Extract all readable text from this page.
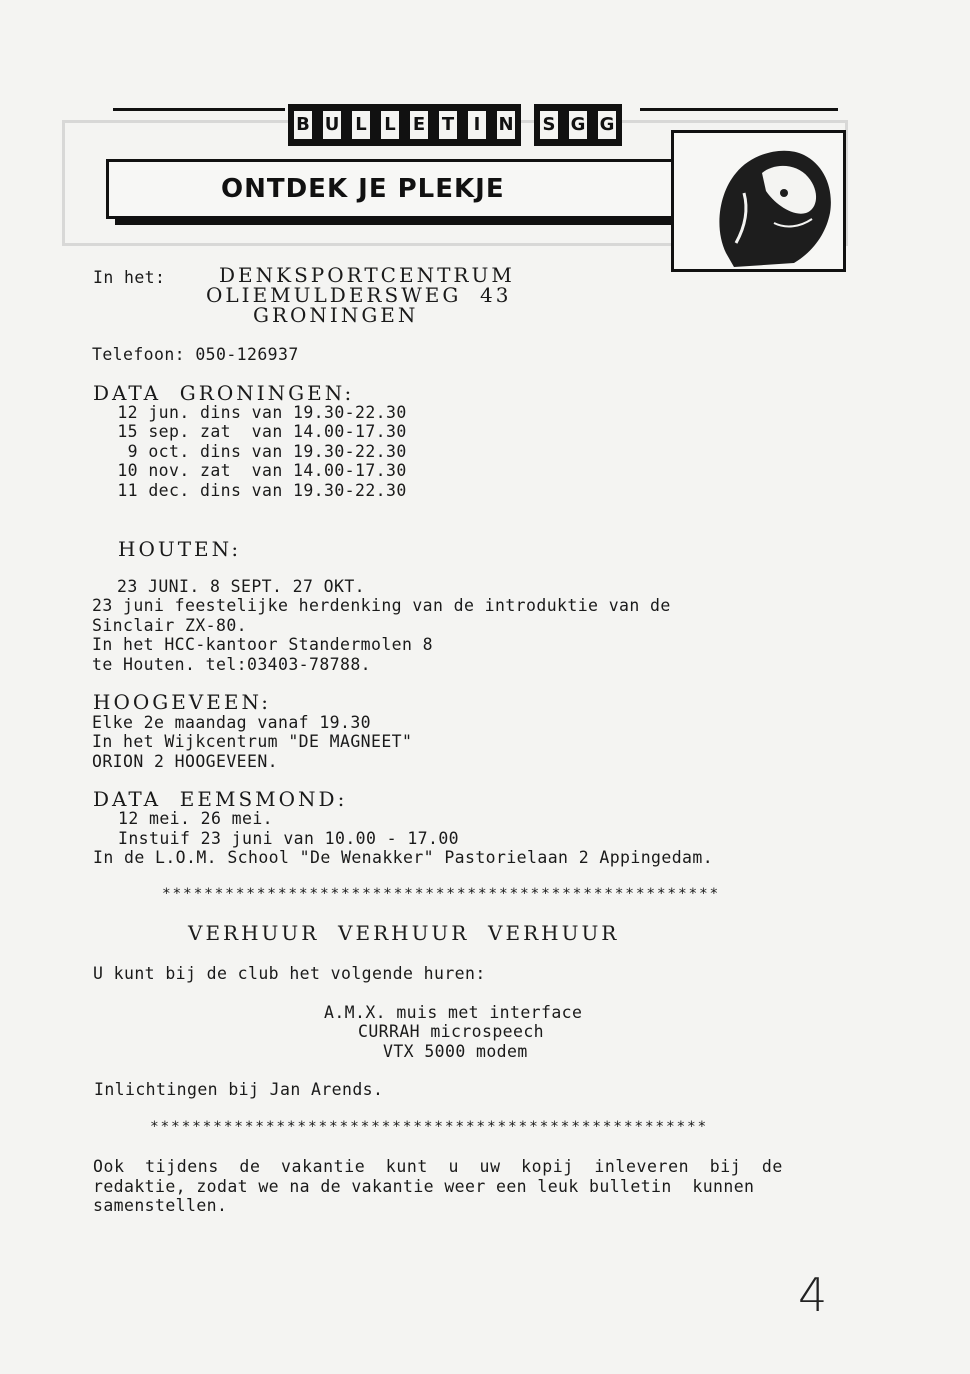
B U L L E T	I	N S G G
ONTDEK JE PLEKJE
In het:	DENKSPORTCENTRUM
OLIEMULDERSWEG  43
GRONINGEN
Telefoon: 050-126937
DATA  GRONINGEN:
12 jun. dins van 19.30-22.30
15 sep. zat  van 14.00-17.30
9 oct. dins van 19.30-22.30
10 nov. zat  van 14.00-17.30
11 dec. dins van 19.30-22.30
HOUTEN:
23 JUNI. 8 SEPT. 27 OKT.
23 juni feestelijke herdenking van de introduktie van de
Sinclair ZX-80.
In het HCC-kantoor Standermolen 8
te Houten. tel:03403-78788.
HOOGEVEEN:
Elke 2e maandag vanaf 19.30
In het Wijkcentrum "DE MAGNEET"
ORION 2 HOOGEVEEN.
DATA  EEMSMOND:
12 mei. 26 mei.
Instuif 23 juni van 10.00 - 17.00
In de L.O.M. School "De Wenakker" Pastorielaan 2 Appingedam.
*****************************************************
VERHUUR  VERHUUR  VERHUUR
U kunt bij de club het volgende huren:
A.M.X. muis met interface
CURRAH microspeech
VTX 5000 modem
Inlichtingen bij Jan Arends.
*****************************************************
Ook tijdens de vakantie kunt u uw kopij inleveren bij de
redaktie, zodat we na de vakantie weer een leuk bulletin  kunnen
samenstellen.
4
